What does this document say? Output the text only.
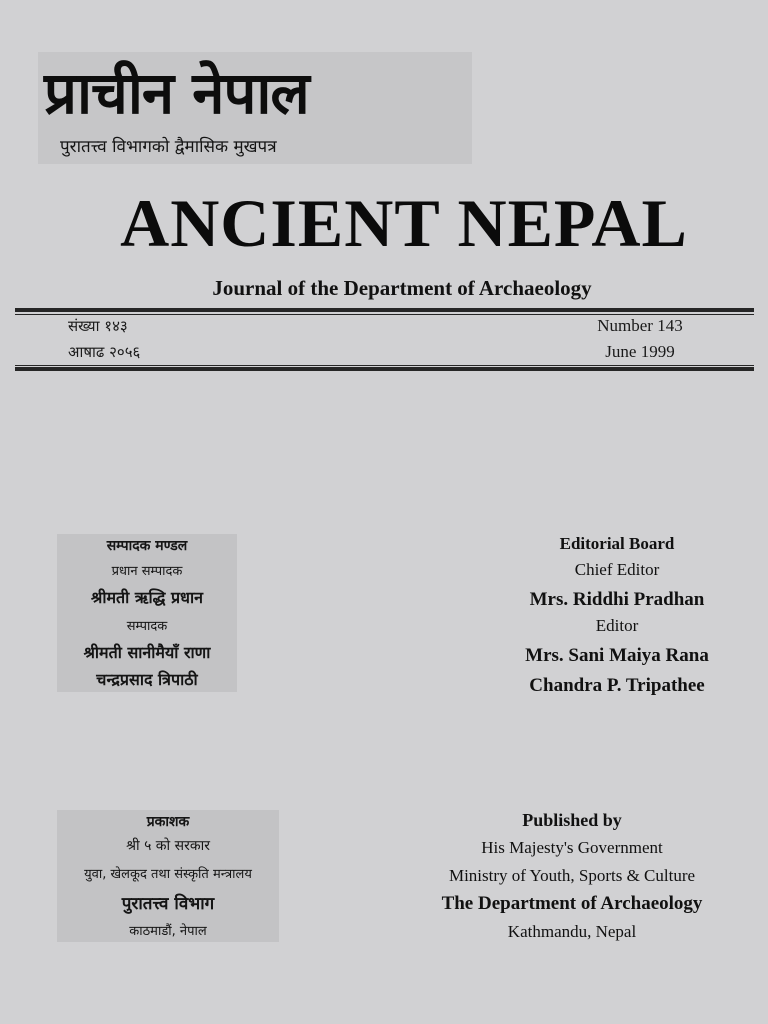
प्राचीन नेपाल
पुरातत्त्व विभागको द्वैमासिक मुखपत्र
ANCIENT NEPAL
Journal of the Department of Archaeology
संख्या १४३
आषाढ २०५६
Number 143
June 1999
सम्पादक मण्डल
प्रधान सम्पादक
श्रीमती ऋद्धि प्रधान
सम्पादक
श्रीमती सानीमैयाँ राणा
चन्द्रप्रसाद त्रिपाठी
Editorial Board
Chief Editor
Mrs. Riddhi Pradhan
Editor
Mrs. Sani Maiya Rana
Chandra P. Tripathee
प्रकाशक
श्री ५ को सरकार
युवा, खेलकूद तथा संस्कृति मन्त्रालय
पुरातत्त्व विभाग
काठमाडौं, नेपाल
Published by
His Majesty's Government
Ministry of Youth, Sports & Culture
The Department of Archaeology
Kathmandu, Nepal
